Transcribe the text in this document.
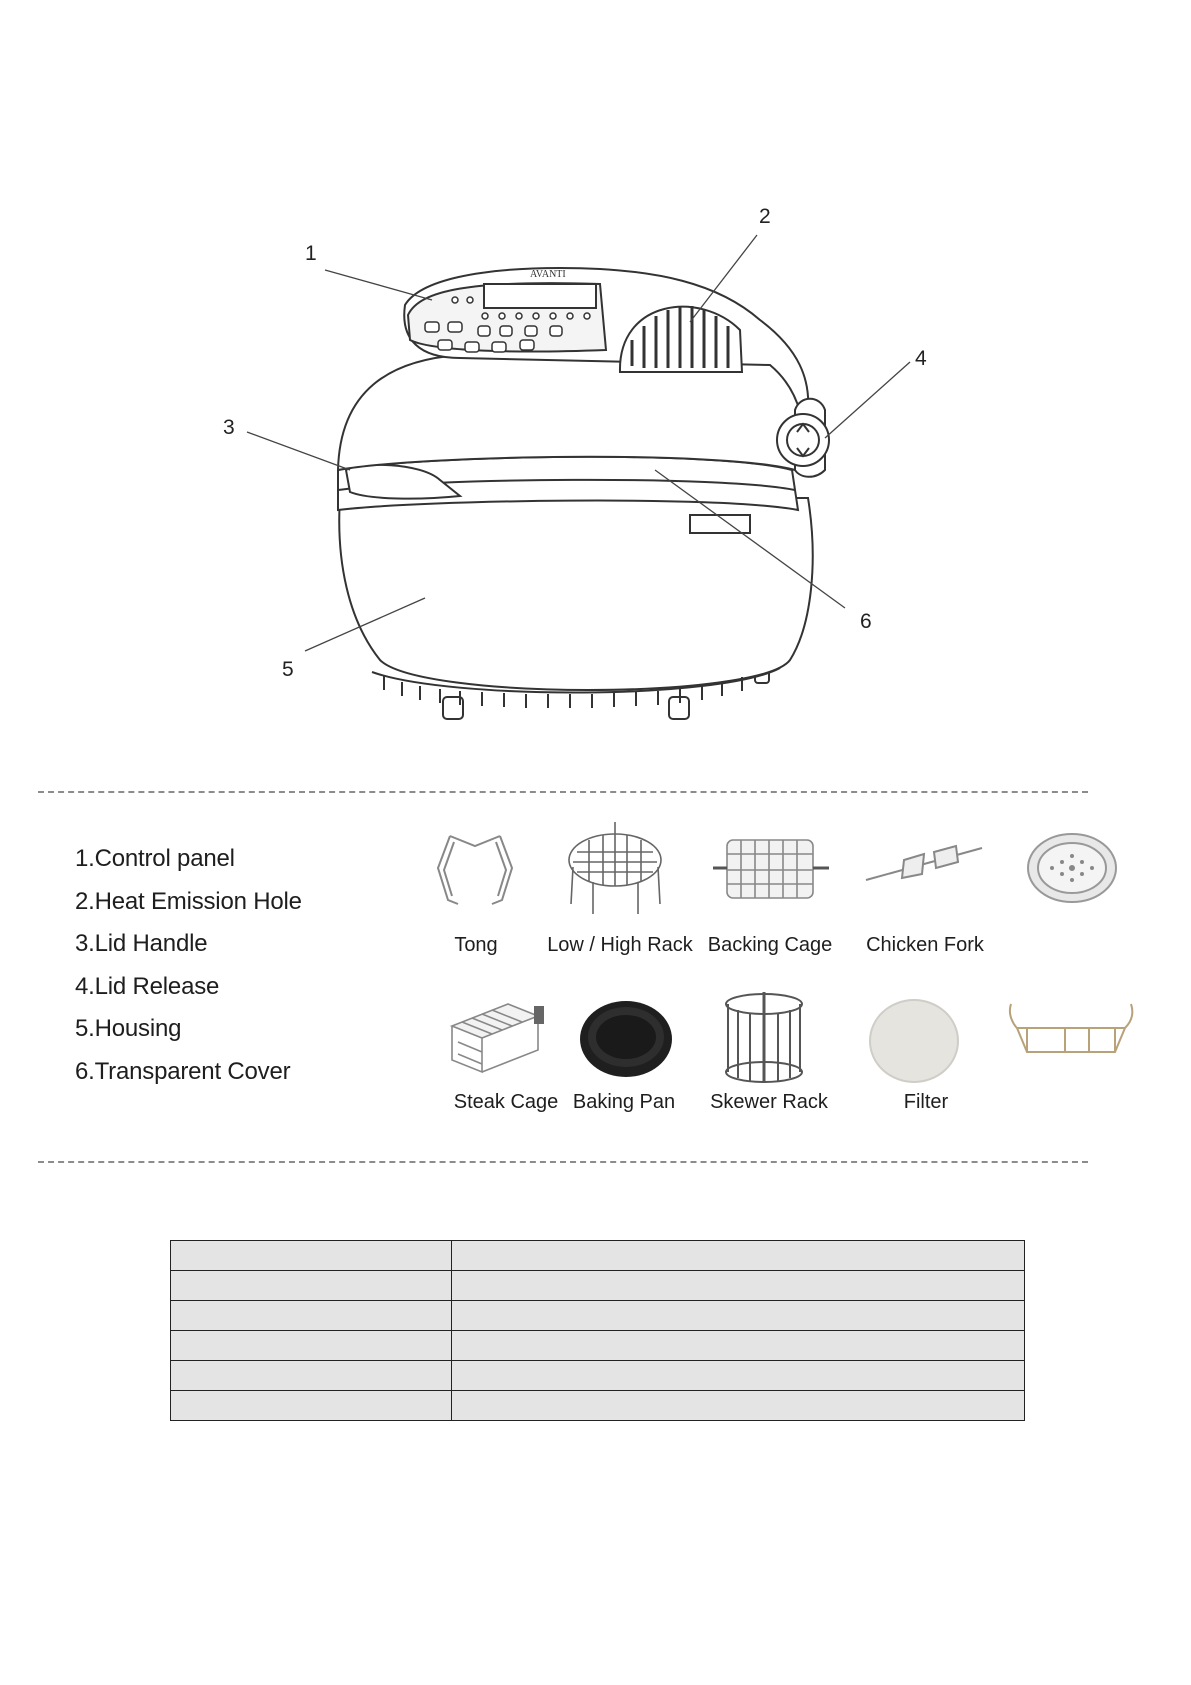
AVANTI
1
2
3
4
5
6
1.Control panel
2.Heat Emission Hole
3.Lid Handle
4.Lid Release
5.Housing
6.Transparent Cover
Tong Low / High Rack Backing Cage Chicken Fork
Steak Cage Baking Pan Skewer Rack	Filter
